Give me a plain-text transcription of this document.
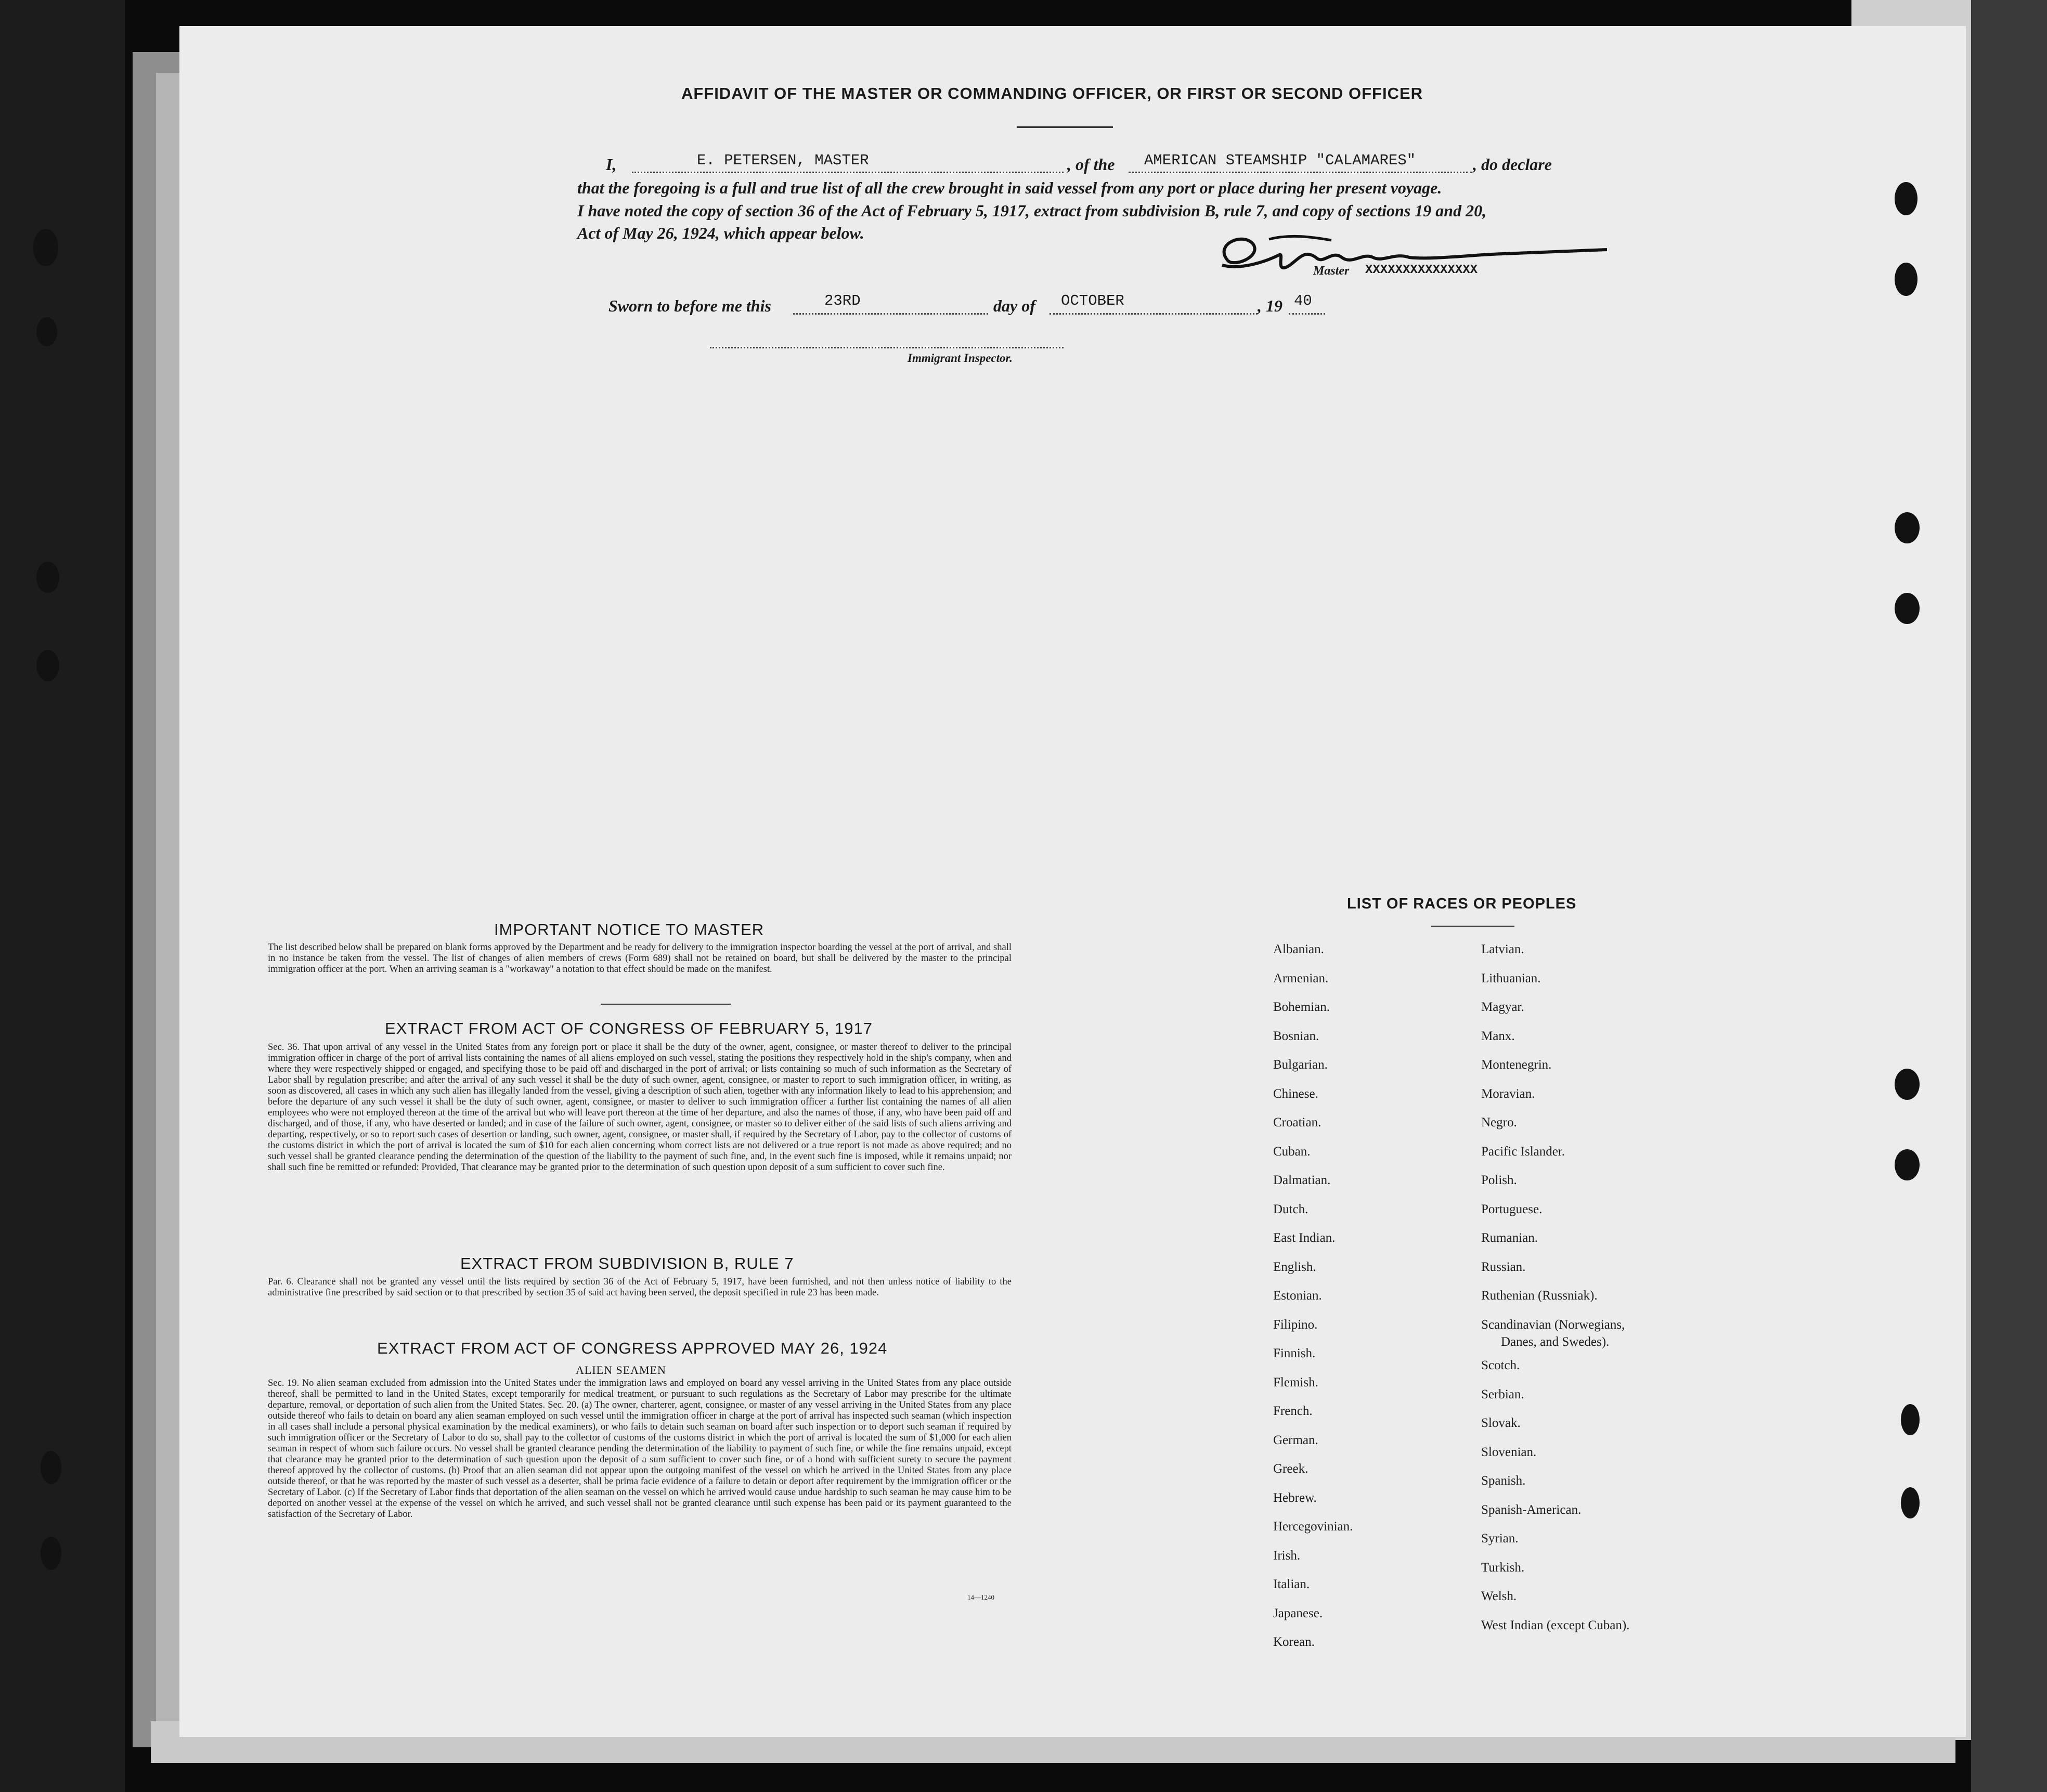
AFFIDAVIT OF THE MASTER OR COMMANDING OFFICER, OR FIRST OR SECOND OFFICER
I,	E. PETERSEN, MASTER	, of the AMERICAN STEAMSHIP "CALAMARES"	, do declare
that the foregoing is a full and true list of all the crew brought in said vessel from any port or place during her present voyage.
I have noted the copy of section 36 of the Act of February 5, 1917, extract from subdivision B, rule 7, and copy of sections 19 and 20,
Act of May 26, 1924, which appear below.
Master XXXXXXXXXXXXXXX
Sworn to before me this	23RD	day of OCTOBER	, 19 40
Immigrant Inspector.
IMPORTANT NOTICE TO MASTER
The list described below shall be prepared on blank forms approved by the Department and be ready for delivery to the immigration inspector boarding the vessel at the port of arrival, and shall in no instance be taken from the vessel. The list of changes of alien members of crews (Form 689) shall not be retained on board, but shall be delivered by the master to the principal immigration officer at the port. When an arriving seaman is a "workaway" a notation to that effect should be made on the manifest.
EXTRACT FROM ACT OF CONGRESS OF FEBRUARY 5, 1917
Sec. 36. That upon arrival of any vessel in the United States from any foreign port or place it shall be the duty of the owner, agent, consignee, or master thereof to deliver to the principal immigration officer in charge of the port of arrival lists containing the names of all aliens employed on such vessel, stating the positions they respectively hold in the ship's company, when and where they were respectively shipped or engaged, and specifying those to be paid off and discharged in the port of arrival; or lists containing so much of such information as the Secretary of Labor shall by regulation prescribe; and after the arrival of any such vessel it shall be the duty of such owner, agent, consignee, or master to report to such immigration officer, in writing, as soon as discovered, all cases in which any such alien has illegally landed from the vessel, giving a description of such alien, together with any information likely to lead to his apprehension; and before the departure of any such vessel it shall be the duty of such owner, agent, consignee, or master to deliver to such immigration officer a further list containing the names of all alien employees who were not employed thereon at the time of the arrival but who will leave port thereon at the time of her departure, and also the names of those, if any, who have been paid off and discharged, and of those, if any, who have deserted or landed; and in case of the failure of such owner, agent, consignee, or master so to deliver either of the said lists of such aliens arriving and departing, respectively, or so to report such cases of desertion or landing, such owner, agent, consignee, or master shall, if required by the Secretary of Labor, pay to the collector of customs of the customs district in which the port of arrival is located the sum of $10 for each alien concerning whom correct lists are not delivered or a true report is not made as above required; and no such vessel shall be granted clearance pending the determination of the question of the liability to the payment of such fine, and, in the event such fine is imposed, while it remains unpaid; nor shall such fine be remitted or refunded: Provided, That clearance may be granted prior to the determination of such question upon deposit of a sum sufficient to cover such fine.
EXTRACT FROM SUBDIVISION B, RULE 7
Par. 6. Clearance shall not be granted any vessel until the lists required by section 36 of the Act of February 5, 1917, have been furnished, and not then unless notice of liability to the administrative fine prescribed by said section or to that prescribed by section 35 of said act having been served, the deposit specified in rule 23 has been made.
EXTRACT FROM ACT OF CONGRESS APPROVED MAY 26, 1924
ALIEN SEAMEN
Sec. 19. No alien seaman excluded from admission into the United States under the immigration laws and employed on board any vessel arriving in the United States from any place outside thereof, shall be permitted to land in the United States, except temporarily for medical treatment, or pursuant to such regulations as the Secretary of Labor may prescribe for the ultimate departure, removal, or deportation of such alien from the United States. Sec. 20. (a) The owner, charterer, agent, consignee, or master of any vessel arriving in the United States from any place outside thereof who fails to detain on board any alien seaman employed on such vessel until the immigration officer in charge at the port of arrival has inspected such seaman (which inspection in all cases shall include a personal physical examination by the medical examiners), or who fails to detain such seaman on board after such inspection or to deport such seaman if required by such immigration officer or the Secretary of Labor to do so, shall pay to the collector of customs of the customs district in which the port of arrival is located the sum of $1,000 for each alien seaman in respect of whom such failure occurs. No vessel shall be granted clearance pending the determination of the liability to payment of such fine, or while the fine remains unpaid, except that clearance may be granted prior to the determination of such question upon the deposit of a sum sufficient to cover such fine, or of a bond with sufficient surety to secure the payment thereof approved by the collector of customs. (b) Proof that an alien seaman did not appear upon the outgoing manifest of the vessel on which he arrived in the United States from any place outside thereof, or that he was reported by the master of such vessel as a deserter, shall be prima facie evidence of a failure to detain or deport after requirement by the immigration officer or the Secretary of Labor. (c) If the Secretary of Labor finds that deportation of the alien seaman on the vessel on which he arrived would cause undue hardship to such seaman he may cause him to be deported on another vessel at the expense of the vessel on which he arrived, and such vessel shall not be granted clearance until such expense has been paid or its payment guaranteed to the satisfaction of the Secretary of Labor.
14—1240
LIST OF RACES OR PEOPLES
Albanian.
Armenian.
Bohemian.
Bosnian.
Bulgarian.
Chinese.
Croatian.
Cuban.
Dalmatian.
Dutch.
East Indian.
English.
Estonian.
Filipino.
Finnish.
Flemish.
French.
German.
Greek.
Hebrew.
Hercegovinian.
Irish.
Italian.
Japanese.
Korean.
Latvian.
Lithuanian.
Magyar.
Manx.
Montenegrin.
Moravian.
Negro.
Pacific Islander.
Polish.
Portuguese.
Rumanian.
Russian.
Ruthenian (Russniak).
Scandinavian (Norwegians,
Danes, and Swedes).
Scotch.
Serbian.
Slovak.
Slovenian.
Spanish.
Spanish-American.
Syrian.
Turkish.
Welsh.
West Indian (except Cuban).
